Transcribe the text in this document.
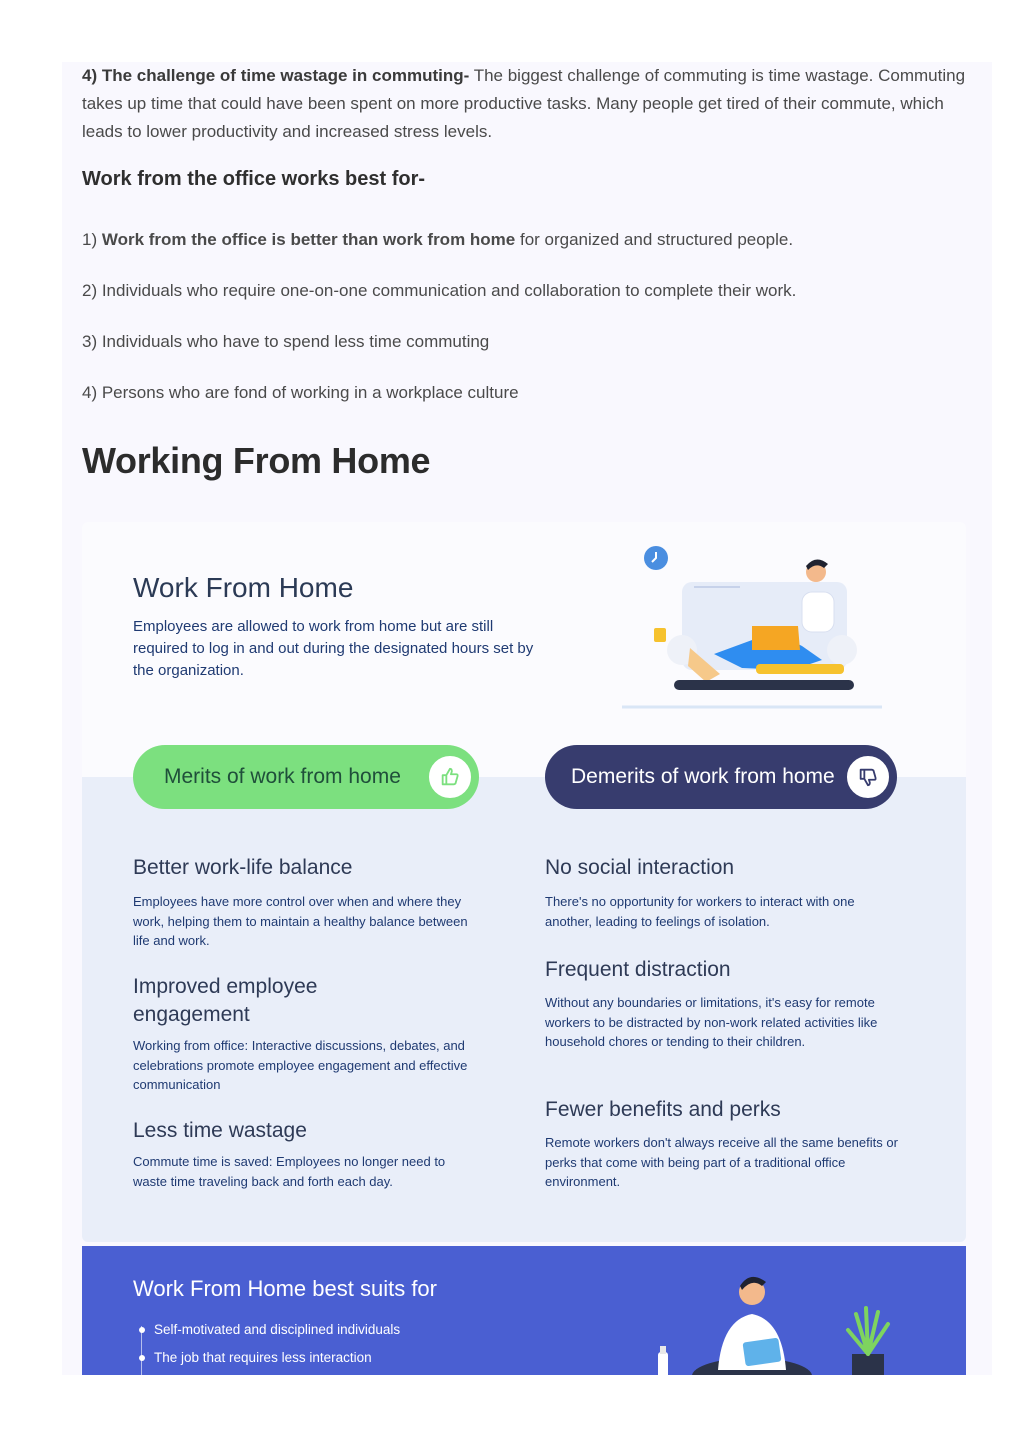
4) The challenge of time wastage in commuting- The biggest challenge of commuting is time wastage. Commuting takes up time that could have been spent on more productive tasks. Many people get tired of their commute, which leads to lower productivity and increased stress levels.

Work from the office works best for-

1) Work from the office is better than work from home for organized and structured people.

2) Individuals who require one-on-one communication and collaboration to complete their work.

3) Individuals who have to spend less time commuting

4) Persons who are fond of working in a workplace culture

Working From Home

Work From Home

Employees are allowed to work from home but are still required to log in and out during the designated hours set by the organization.

Merits of work from home	Demerits of work from home

Better work-life balance

Employees have more control over when and where they work, helping them to maintain a healthy balance between life and work.

Improved employee engagement

Working from office: Interactive discussions, debates, and celebrations promote employee engagement and effective communication

Less time wastage

Commute time is saved: Employees no longer need to waste time traveling back and forth each day.

No social interaction

There's no opportunity for workers to interact with one another, leading to feelings of isolation.

Frequent distraction

Without any boundaries or limitations, it's easy for remote workers to be distracted by non-work related activities like household chores or tending to their children.

Fewer benefits and perks

Remote workers don't always receive all the same benefits or perks that come with being part of a traditional office environment.

Work From Home best suits for

Self-motivated and disciplined individuals
The job that requires less interaction
